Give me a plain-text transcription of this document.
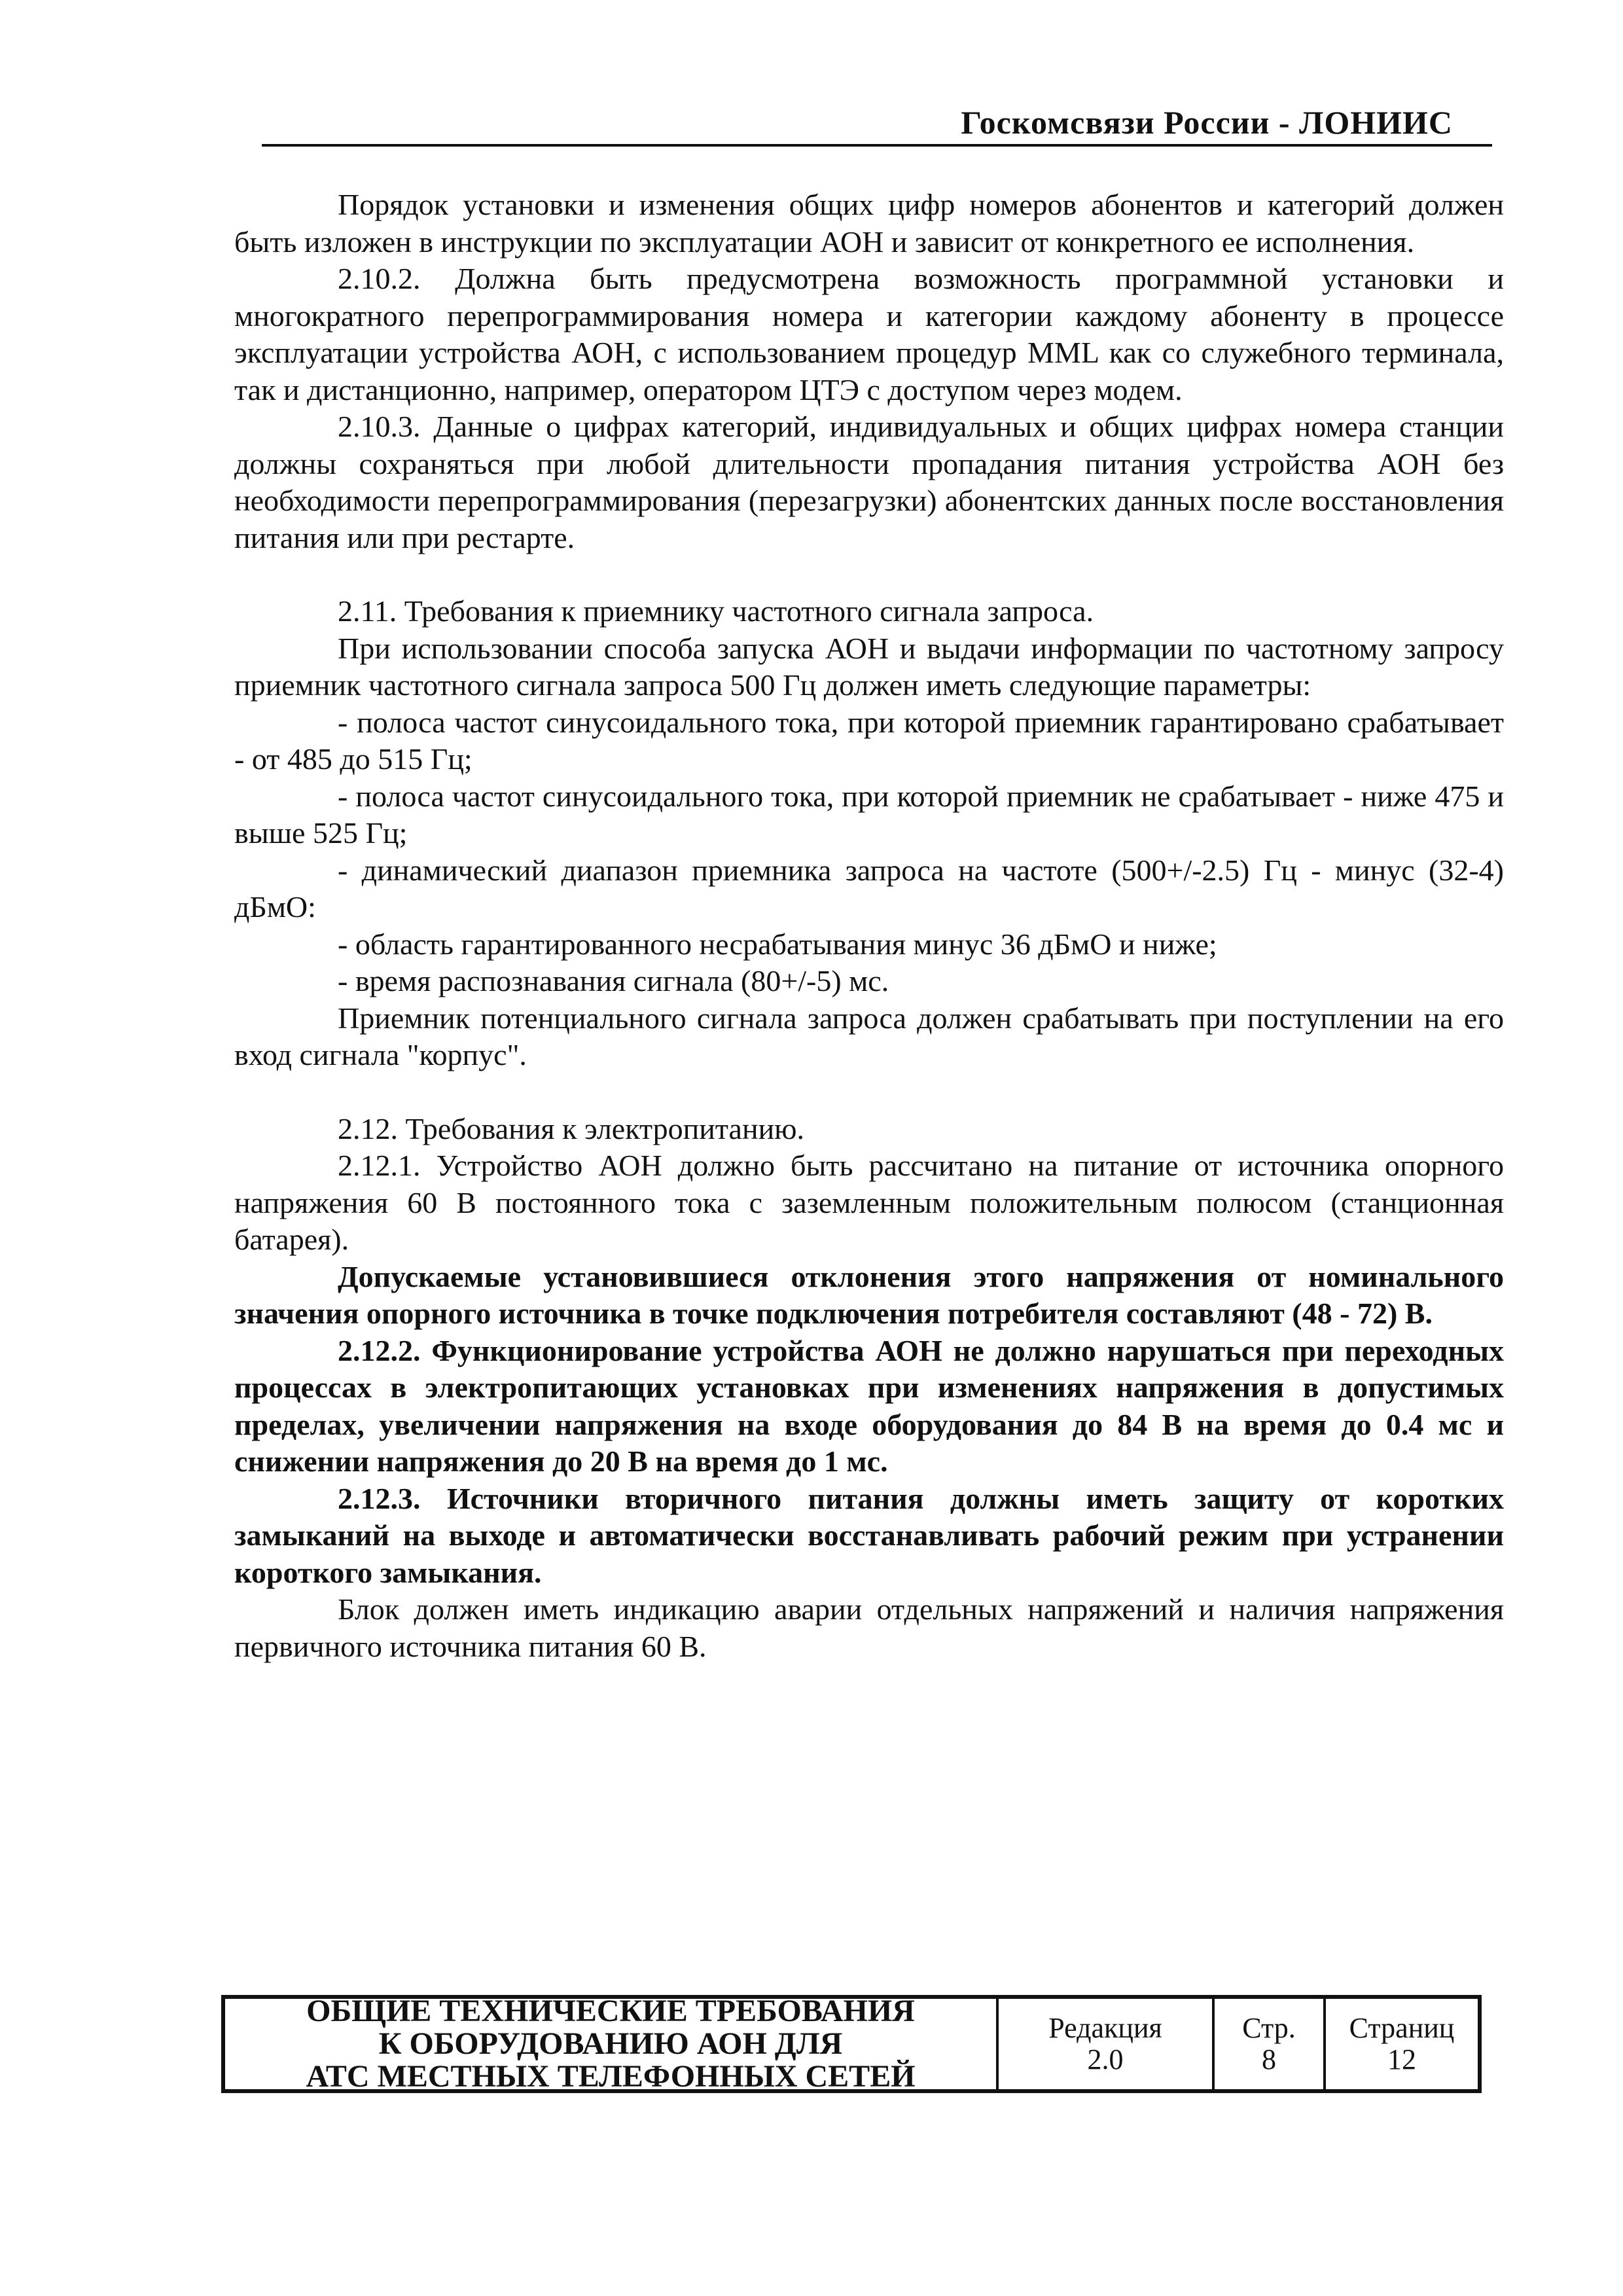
Госкомсвязи России - ЛОНИИС

Порядок установки и изменения общих цифр номеров абонентов и категорий должен быть изложен в инструкции по эксплуатации АОН и зависит от конкретного ее исполнения.

2.10.2. Должна быть предусмотрена возможность программной установки и многократного перепрограммирования номера и категории каждому абоненту в процессе эксплуатации устройства АОН, с использованием процедур MML как со служебного терминала, так и дистанционно, например, оператором ЦТЭ с доступом через модем.

2.10.3. Данные о цифрах категорий, индивидуальных и общих цифрах номера станции должны сохраняться при любой длительности пропадания питания устройства АОН без необходимости перепрограммирования (перезагрузки) абонентских данных после восстановления питания или при рестарте.

2.11. Требования к приемнику частотного сигнала запроса.

При использовании способа запуска АОН и выдачи информации по частотному запросу приемник частотного сигнала запроса 500 Гц должен иметь следующие параметры:

- полоса частот синусоидального тока, при которой приемник гарантировано срабатывает - от 485 до 515 Гц;

- полоса частот синусоидального тока, при которой приемник не срабатывает - ниже 475 и выше 525 Гц;

- динамический диапазон приемника запроса на частоте (500+/-2.5) Гц - минус (32-4) дБмО:

- область гарантированного несрабатывания минус 36 дБмО и ниже;

- время распознавания сигнала (80+/-5) мс.

Приемник потенциального сигнала запроса должен срабатывать при поступлении на его вход сигнала "корпус".

2.12. Требования к электропитанию.

2.12.1. Устройство АОН должно быть рассчитано на питание от источника опорного напряжения 60 В постоянного тока с заземленным положительным полюсом (станционная батарея).

Допускаемые установившиеся отклонения этого напряжения от номинального значения опорного источника в точке подключения потребителя составляют (48 - 72) В.

2.12.2. Функционирование устройства АОН не должно нарушаться при переходных процессах в электропитающих установках при изменениях напряжения в допустимых пределах, увеличении напряжения на входе оборудования до 84 В на время до 0.4 мс и снижении напряжения до 20 В на время до 1 мс.

2.12.3. Источники вторичного питания должны иметь защиту от коротких замыканий на выходе и автоматически восстанавливать рабочий режим при устранении короткого замыкания.

Блок должен иметь индикацию аварии отдельных напряжений и наличия напряжения первичного источника питания 60 В.

ОБЩИЕ ТЕХНИЧЕСКИЕ ТРЕБОВАНИЯ
К ОБОРУДОВАНИЮ АОН ДЛЯ
АТС МЕСТНЫХ ТЕЛЕФОННЫХ СЕТЕЙ
Редакция
2.0
Стр.
8
Страниц
12
